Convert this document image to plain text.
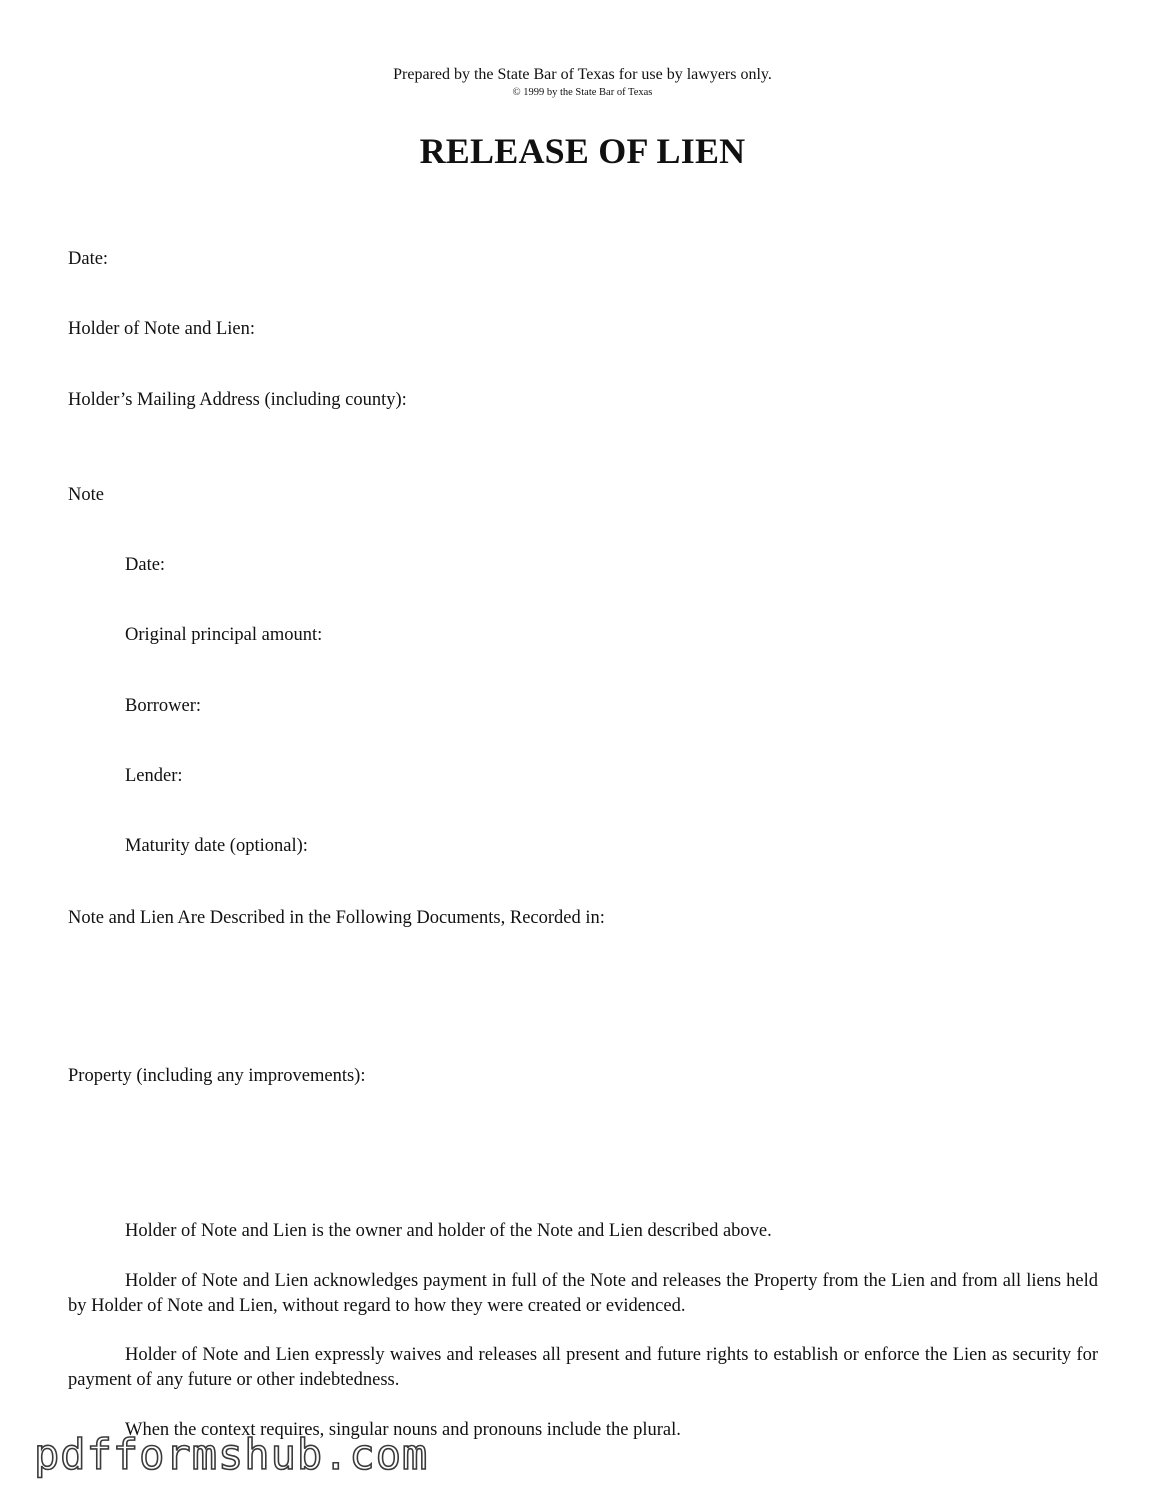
Prepared by the State Bar of Texas for use by lawyers only.
© 1999 by the State Bar of Texas
RELEASE OF LIEN
Date:
Holder of Note and Lien:
Holder’s Mailing Address (including county):
Note
Date:
Original principal amount:
Borrower:
Lender:
Maturity date (optional):
Note and Lien Are Described in the Following Documents, Recorded in:
Property (including any improvements):
Holder of Note and Lien is the owner and holder of the Note and Lien described above.
Holder of Note and Lien acknowledges payment in full of the Note and releases the Property from the Lien and from all liens held by Holder of Note and Lien, without regard to how they were created or evidenced.
Holder of Note and Lien expressly waives and releases all present and future rights to establish or enforce the Lien as security for payment of any future or other indebtedness.
When the context requires, singular nouns and pronouns include the plural.
pdfformshub.com
